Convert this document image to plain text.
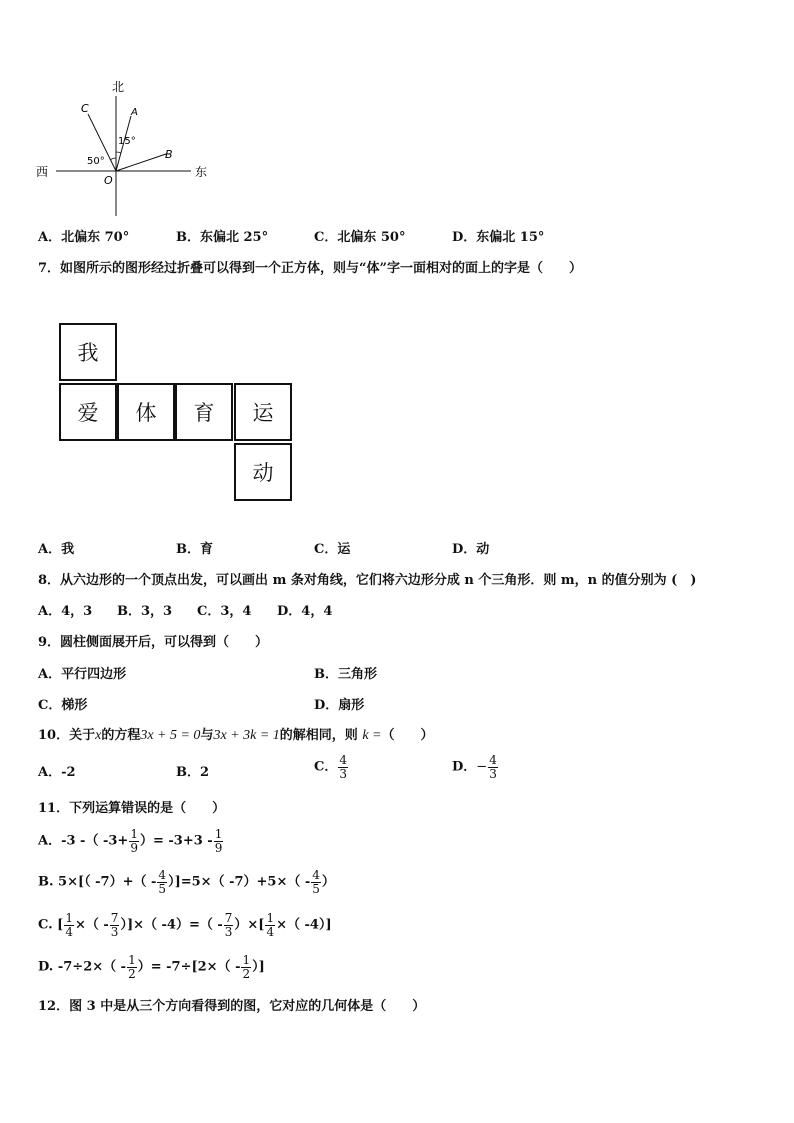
北
西	东
C	A
B
O
50°
15°
A．北偏东 70°	B．东偏北 25°	C．北偏东 50°	D．东偏北 15°
7．如图所示的图形经过折叠可以得到一个正方体，则与“体”字一面相对的面上的字是（　　）
我
爱	体	育	运
动
A．我	B．育	C．运	D．动
8．从六边形的一个顶点出发，可以画出 m 条对角线，它们将六边形分成 n 个三角形．则 m，n 的值分别为 (　)
A．4，3 B．3，3 C．3，4 D．4，4
9．圆柱侧面展开后，可以得到（　　）
A．平行四边形	B．三角形
C．梯形	D．扇形
10．关于x的方程3x + 5 = 0与3x + 3k = 1的解相同，则 k =（　　）
A．-2	B．2	C． $\frac{4}{3}$	D．− $\frac{4}{3}$
11．下列运算错误的是（　　）
A．-3 -（ $-3+ \frac{1}{9}$ ）= $-3+3 - \frac{1}{9}$
B. 5×[（ $-7)+( - \frac{4}{5} )]=5\times$（ $-7)+5\times( - \frac{4}{5}$ ）
C. [ $\frac{1}{4}$ ×（ - $\frac{7}{3}$ ）]×（ $-4)=( - \frac{7}{3}$ ）×[ $\frac{1}{4}$ ×（ -4）]
D. $-7\div 2\times( - \frac{1}{2}$ ）= $-7\div[2\times( - \frac{1}{2}$ ）]
12．图 3 中是从三个方向看得到的图，它对应的几何体是（　　）
